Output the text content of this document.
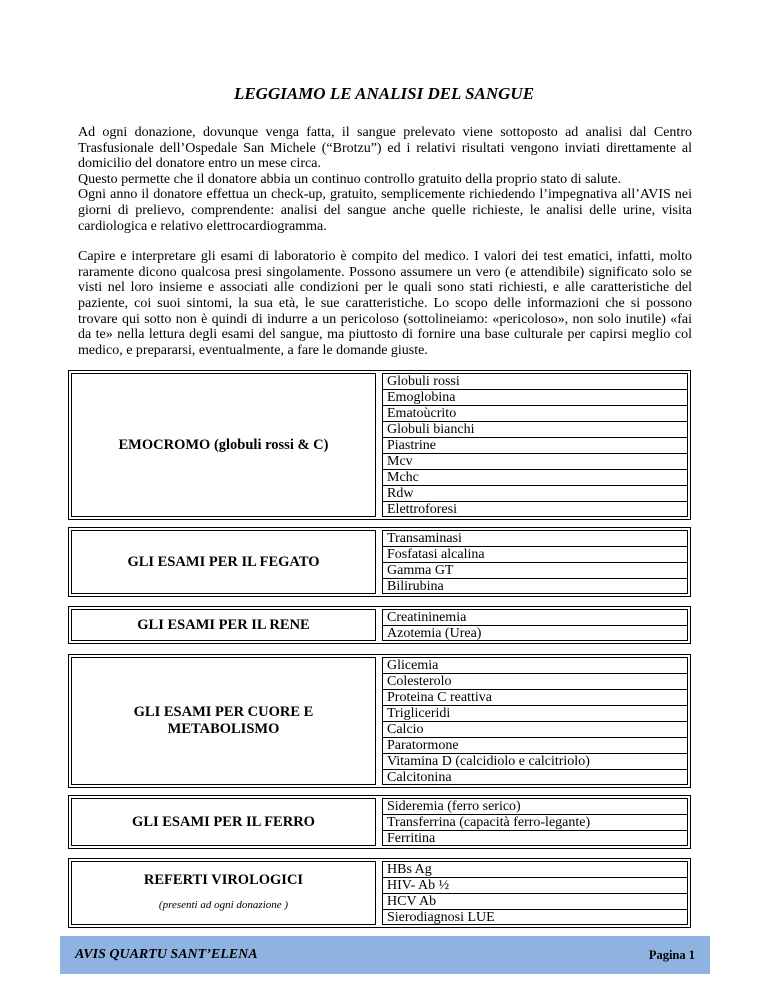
LEGGIAMO LE ANALISI DEL SANGUE

Ad ogni donazione, dovunque venga fatta, il sangue prelevato viene sottoposto ad analisi dal Centro Trasfusionale dell’Ospedale San Michele (“Brotzu”) ed i relativi risultati vengono inviati direttamente al domicilio del donatore entro un mese circa.

Questo permette che il donatore abbia un continuo controllo gratuito della proprio stato di salute.

Ogni anno il donatore effettua un check-up, gratuito, semplicemente richiedendo l’impegnativa all’AVIS nei giorni di prelievo, comprendente: analisi del sangue anche quelle richieste, le analisi delle urine, visita cardiologica e relativo elettrocardiogramma.

Capire e interpretare gli esami di laboratorio è compito del medico. I valori dei test ematici, infatti, molto raramente dicono qualcosa presi singolamente. Possono assumere un vero (e attendibile) significato solo se visti nel loro insieme e associati alle condizioni per le quali sono stati richiesti, e alle caratteristiche del paziente, coi suoi sintomi, la sua età, le sue caratteristiche. Lo scopo delle informazioni che si possono trovare qui sotto non è quindi di indurre a un pericoloso (sottolineiamo: «pericoloso», non solo inutile) «fai da te» nella lettura degli esami del sangue, ma piuttosto di fornire una base culturale per capirsi meglio col medico, e prepararsi, eventualmente, a fare le domande giuste.

EMOCROMO (globuli rossi & C)
Globuli rossi
Emoglobina
Ematoùcrito
Globuli bianchi
Piastrine
Mcv
Mchc
Rdw
Elettroforesi
GLI ESAMI PER IL FEGATO
Transaminasi
Fosfatasi alcalina
Gamma GT
Bilirubina
GLI ESAMI PER IL RENE	Creatininemia
Azotemia (Urea)
GLI ESAMI PER CUORE E METABOLISMO
Glicemia
Colesterolo
Proteina C reattiva
Trigliceridi
Calcio
Paratormone
Vitamina D (calcidiolo e calcitriolo)
Calcitonina
GLI ESAMI PER IL FERRO
Sideremia (ferro serico)
Transferrina (capacità ferro-legante)
Ferritina
REFERTI VIROLOGICI
(presenti ad ogni donazione )
HBs Ag
HIV- Ab ½
HCV Ab
Sierodiagnosi LUE
AVIS QUARTU SANT’ELENA	Pagina 1
